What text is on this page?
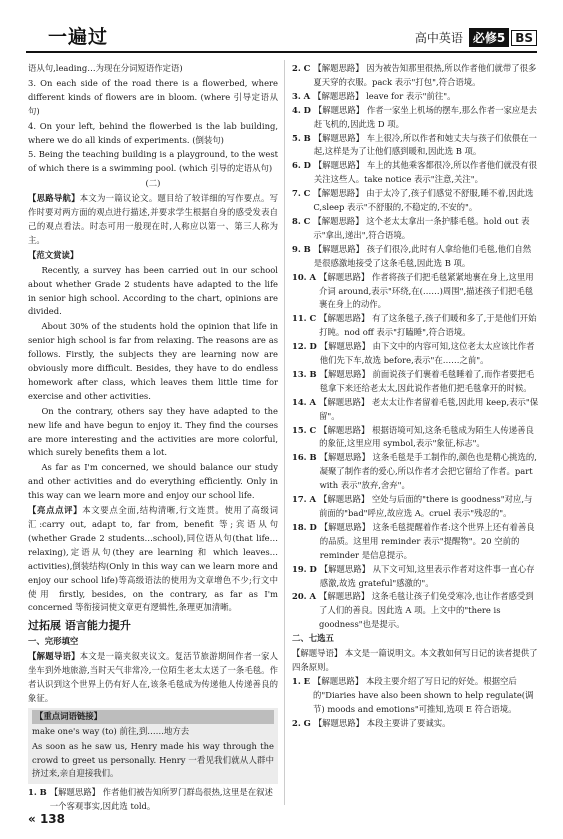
一遍过	高中英语 必修5 BS

语从句,leading…为现在分词短语作定语)

3. On each side of the road there is a flowerbed, where different kinds of flowers are in bloom. (where 引导定语从句)

4. On your left, behind the flowerbed is the lab building, where we do all kinds of experiments. (倒装句)

5. Being the teaching building is a playground, to the west of which there is a swimming pool. (which 引导的定语从句)

(二)

【思路导航】本文为一篇议论文。题目给了较详细的写作要点。写作时要对两方面的观点进行描述,并要求学生根据自身的感受发表自己的观点看法。时态可用一般现在时,人称应以第一、第三人称为主。

【范文赏读】

Recently, a survey has been carried out in our school about whether Grade 2 students have adapted to the life in senior high school. According to the chart, opinions are divided.

About 30% of the students hold the opinion that life in senior high school is far from relaxing. The reasons are as follows. Firstly, the subjects they are learning now are obviously more difficult. Besides, they have to do endless homework after class, which leaves them little time for exercise and other activities.

On the contrary, others say they have adapted to the new life and have begun to enjoy it. They find the courses are more interesting and the activities are more colorful, which surely benefits them a lot.

As far as I'm concerned, we should balance our study and other activities and do everything efficiently. Only in this way can we learn more and enjoy our school life.

【亮点点评】本文要点全面,结构清晰,行文连贯。使用了高级词汇:carry out, adapt to, far from, benefit 等;宾语从句(whether Grade 2 students…school),同位语从句(that life…relaxing),定语从句(they are learning 和 which leaves…activities),倒装结构(Only in this way can we learn more and enjoy our school life)等高级语法的使用为文章增色不少;行文中使用 firstly, besides, on the contrary, as far as I'm concerned 等衔接词使文章更有逻辑性,条理更加清晰。

过拓展 语言能力提升

一、完形填空

【解题导语】本文是一篇夹叙夹议文。复活节旅游期间作者一家人坐车到外地旅游,当时天气非常冷,一位陌生老太太送了一条毛毯。作者认识到这个世界上仍有好人在,该条毛毯成为传递他人传递善良的象征。

【重点词语链接】

make one's way (to) 前往,到……地方去

As soon as he saw us, Henry made his way through the crowd to greet us personally. Henry 一看见我们就从人群中挤过来,亲自迎接我们。

1. B 【解题思路】 作者他们被告知所罗门群岛很热,这里是在叙述一个客观事实,因此选 told。
2. C 【解题思路】 因为被告知那里很热,所以作者他们就带了很多夏天穿的衣服。pack 表示"打包",符合语境。
3. A 【解题思路】 leave for 表示"前往"。
4. D 【解题思路】 作者一家坐上机场的摆车,那么作者一家应是去赶飞机的,因此选 D 项。
5. B 【解题思路】 车上很冷,所以作者和她丈夫与孩子们依偎在一起,这样是为了让他们感到暖和,因此选 B 项。
6. D 【解题思路】 车上的其他乘客都很冷,所以作者他们就没有很关注这些人。take notice 表示"注意,关注"。
7. C 【解题思路】 由于太冷了,孩子们感觉不舒服,睡不着,因此选C,sleep 表示"不舒服的,不稳定的,不安的"。
8. C 【解题思路】 这个老太太拿出一条护膝毛毯。hold out 表示"拿出,递出",符合语境。
9. B 【解题思路】 孩子们很冷,此时有人拿给他们毛毯,他们自然是很感激地接受了这条毛毯,因此选 B 项。
10. A 【解题思路】 作者将孩子们把毛毯紧紧地裹在身上,这里用介词 around,表示"环绕,在(……)周围",描述孩子们把毛毯裹在身上的动作。
11. C 【解题思路】 有了这条毯子,孩子们暖和多了,于是他们开始打盹。nod off 表示"打瞌睡",符合语境。
12. D 【解题思路】 由下文中的内容可知,这位老太太应该比作者他们先下车,故选 before,表示"在……之前"。
13. B 【解题思路】 前面说孩子们裹着毛毯睡着了,而作者要把毛毯拿下来还给老太太,因此说作者他们把毛毯拿开的时候。
14. A 【解题思路】 老太太让作者留着毛毯,因此用 keep,表示"保留"。
15. C 【解题思路】 根据语境可知,这条毛毯成为陌生人传递善良的象征,这里应用 symbol,表示"象征,标志"。
16. B 【解题思路】 这条毛毯是手工制作的,颜色也是精心挑选的,凝聚了制作者的爱心,所以作者才会把它留给了作者。part with 表示"放弃,舍弃"。
17. A 【解题思路】 空处与后面的"there is goodness"对应,与前面的"bad"呼应,故应选 A。cruel 表示"残忍的"。
18. D 【解题思路】 这条毛毯提醒着作者:这个世界上还有着善良的品质。这里用 reminder 表示"提醒物"。20 空前的 reminder 是信息提示。
19. D 【解题思路】 从下文可知,这里表示作者对这件事一直心存感激,故选 grateful"感激的"。
20. A 【解题思路】 这条毛毯让孩子们免受寒冷,也让作者感受到了人们的善良。因此选 A 项。上文中的"there is goodness"也是提示。

二、七选五

【解题导语】 本文是一篇说明文。本文教如何写日记的读者提供了四条原则。
1. E 【解题思路】 本段主要介绍了写日记的好处。根据空后的"Diaries have also been shown to help regulate(调节) moods and emotions"可推知,选项 E 符合语境。
2. G 【解题思路】 本段主要讲了要诚实。
« 138
